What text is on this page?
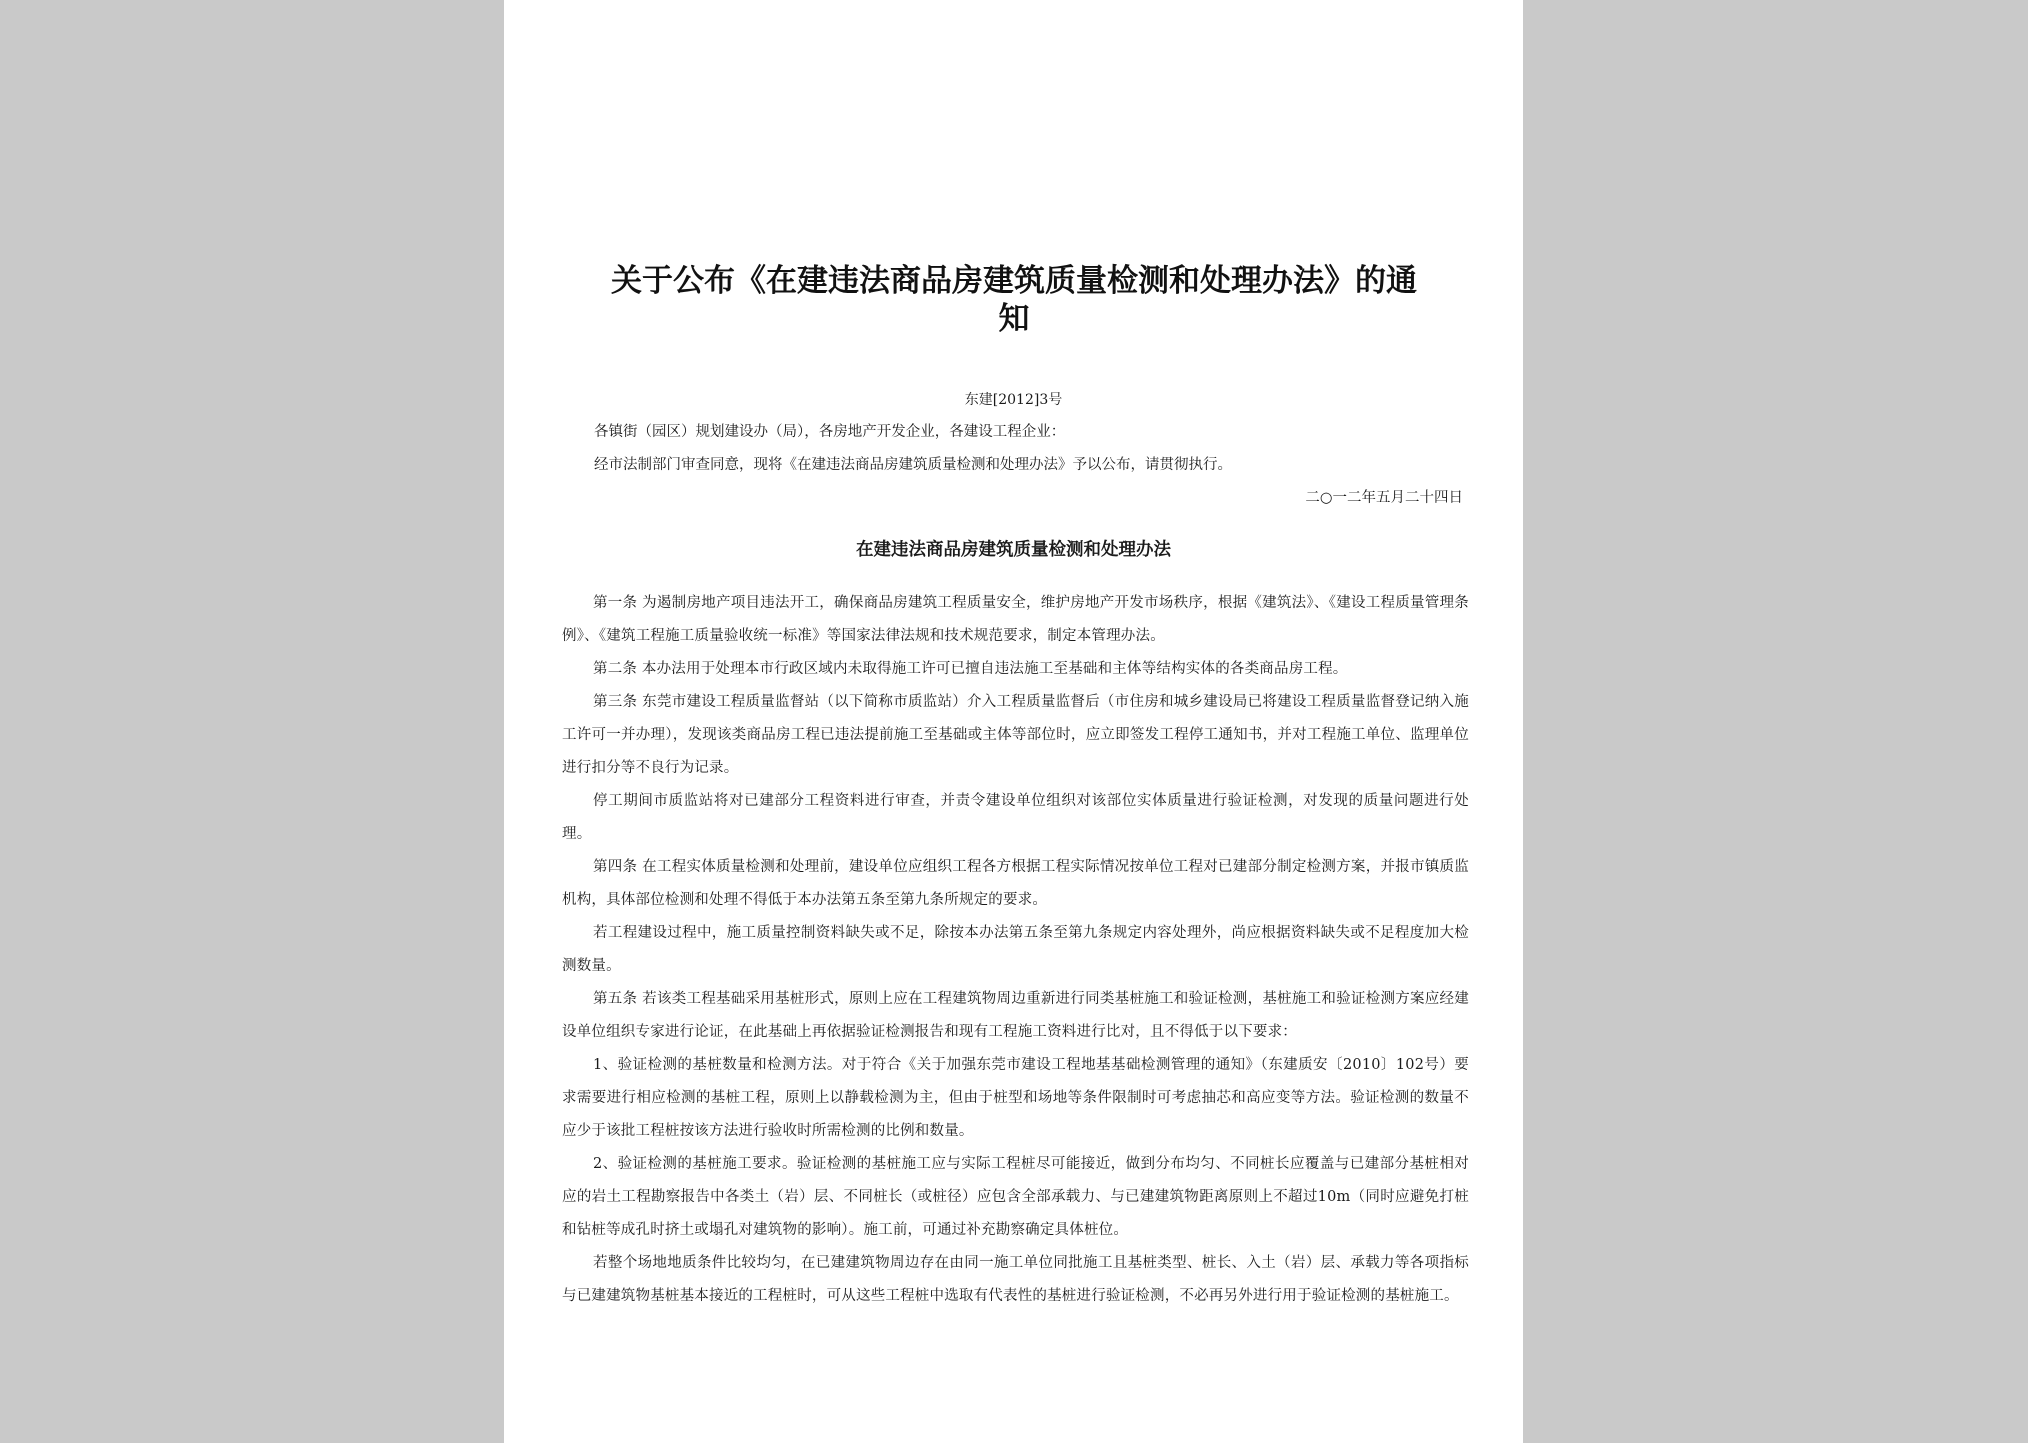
关于公布《在建违法商品房建筑质量检测和处理办法》的通知
东建[2012]3号
各镇街（园区）规划建设办（局），各房地产开发企业，各建设工程企业：
经市法制部门审查同意，现将《在建违法商品房建筑质量检测和处理办法》予以公布，请贯彻执行。
二○一二年五月二十四日
在建违法商品房建筑质量检测和处理办法

第一条 为遏制房地产项目违法开工，确保商品房建筑工程质量安全，维护房地产开发市场秩序，根据《建筑法》、《建设工程质量管理条例》、《建筑工程施工质量验收统一标准》等国家法律法规和技术规范要求，制定本管理办法。

第二条 本办法用于处理本市行政区域内未取得施工许可已擅自违法施工至基础和主体等结构实体的各类商品房工程。

第三条 东莞市建设工程质量监督站（以下简称市质监站）介入工程质量监督后（市住房和城乡建设局已将建设工程质量监督登记纳入施工许可一并办理），发现该类商品房工程已违法提前施工至基础或主体等部位时，应立即签发工程停工通知书，并对工程施工单位、监理单位进行扣分等不良行为记录。

停工期间市质监站将对已建部分工程资料进行审查，并责令建设单位组织对该部位实体质量进行验证检测，对发现的质量问题进行处理。

第四条 在工程实体质量检测和处理前，建设单位应组织工程各方根据工程实际情况按单位工程对已建部分制定检测方案，并报市镇质监机构，具体部位检测和处理不得低于本办法第五条至第九条所规定的要求。

若工程建设过程中，施工质量控制资料缺失或不足，除按本办法第五条至第九条规定内容处理外，尚应根据资料缺失或不足程度加大检测数量。

第五条 若该类工程基础采用基桩形式，原则上应在工程建筑物周边重新进行同类基桩施工和验证检测，基桩施工和验证检测方案应经建设单位组织专家进行论证，在此基础上再依据验证检测报告和现有工程施工资料进行比对，且不得低于以下要求：

1、验证检测的基桩数量和检测方法。对于符合《关于加强东莞市建设工程地基基础检测管理的通知》（东建质安〔2010〕102号）要求需要进行相应检测的基桩工程，原则上以静载检测为主，但由于桩型和场地等条件限制时可考虑抽芯和高应变等方法。验证检测的数量不应少于该批工程桩按该方法进行验收时所需检测的比例和数量。

2、验证检测的基桩施工要求。验证检测的基桩施工应与实际工程桩尽可能接近，做到分布均匀、不同桩长应覆盖与已建部分基桩相对应的岩土工程勘察报告中各类土（岩）层、不同桩长（或桩径）应包含全部承载力、与已建建筑物距离原则上不超过10m（同时应避免打桩和钻桩等成孔时挤土或塌孔对建筑物的影响）。施工前，可通过补充勘察确定具体桩位。

若整个场地地质条件比较均匀，在已建建筑物周边存在由同一施工单位同批施工且基桩类型、桩长、入土（岩）层、承载力等各项指标与已建建筑物基桩基本接近的工程桩时，可从这些工程桩中选取有代表性的基桩进行验证检测，不必再另外进行用于验证检测的基桩施工。
